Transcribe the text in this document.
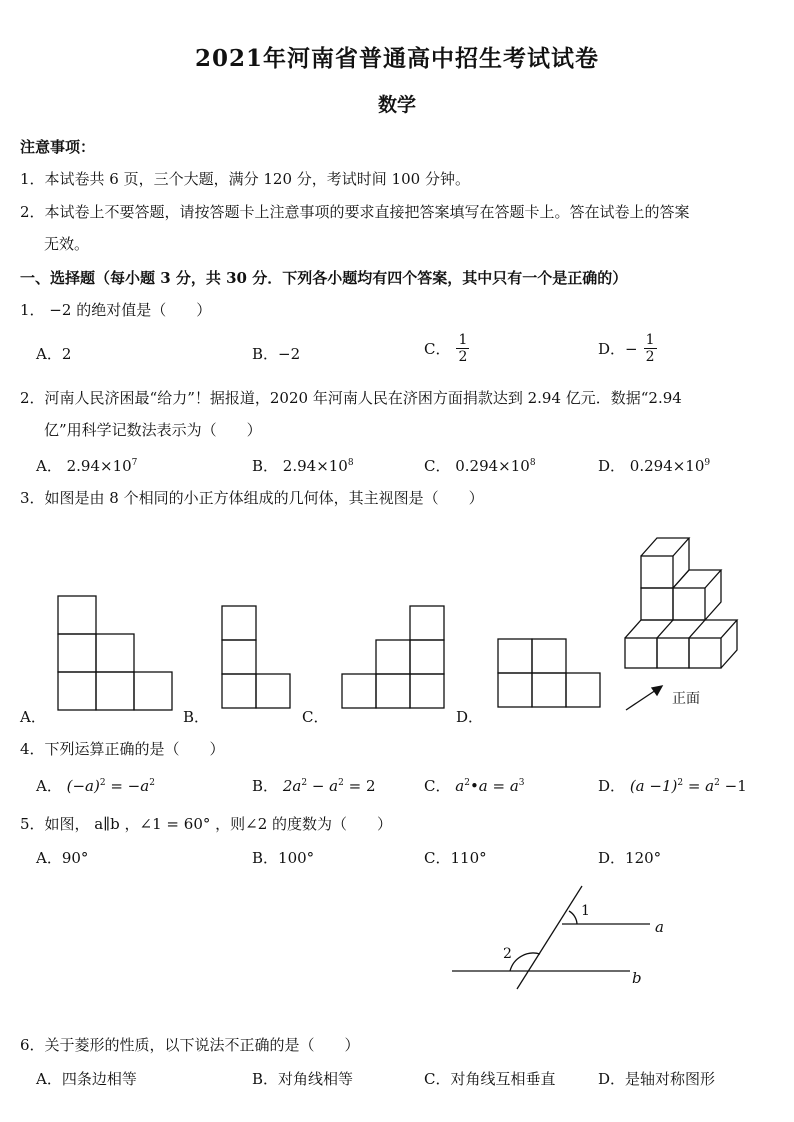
2021年河南省普通高中招生考试试卷
数学
注意事项：
1．本试卷共 6 页，三个大题，满分 120 分，考试时间 100 分钟。
2．本试卷上不要答题，请按答题卡上注意事项的要求直接把答案填写在答题卡上。答在试卷上的答案
无效。
一、选择题（每小题 3 分，共 30 分．下列各小题均有四个答案，其中只有一个是正确的）
1． −2 的绝对值是（　　）
A．2	B．−2	C． $\frac{1}{2}$	D．− $\frac{1}{2}$
2．河南人民济困最“给力”！据报道，2020 年河南人民在济困方面捐款达到 2.94 亿元．数据“2.94
亿”用科学记数法表示为（　　）
A． $2.94\times 10^7$	B． $2.94\times 10^8$	C． $0.294\times 10^8$	D． $0.294\times 10^9$
3．如图是由 8 个相同的小正方体组成的几何体，其主视图是（　　）
A．	B．	C．	D．
正面
4．下列运算正确的是（　　）
A． $(-a)^2 = -a^2$	B． $2a^2 - a^2 = 2$	C． $a^2•a = a^3$	D． $(a -1)^2 = a^2 -1$
5．如图， a∥b ，∠1 = 60° ，则∠2 的度数为（　　）
A．90°	B．100°	C．110°	D．120°
1
2
a
b
6．关于菱形的性质，以下说法不正确的是（　　）
A．四条边相等	B．对角线相等	C．对角线互相垂直	D．是轴对称图形
